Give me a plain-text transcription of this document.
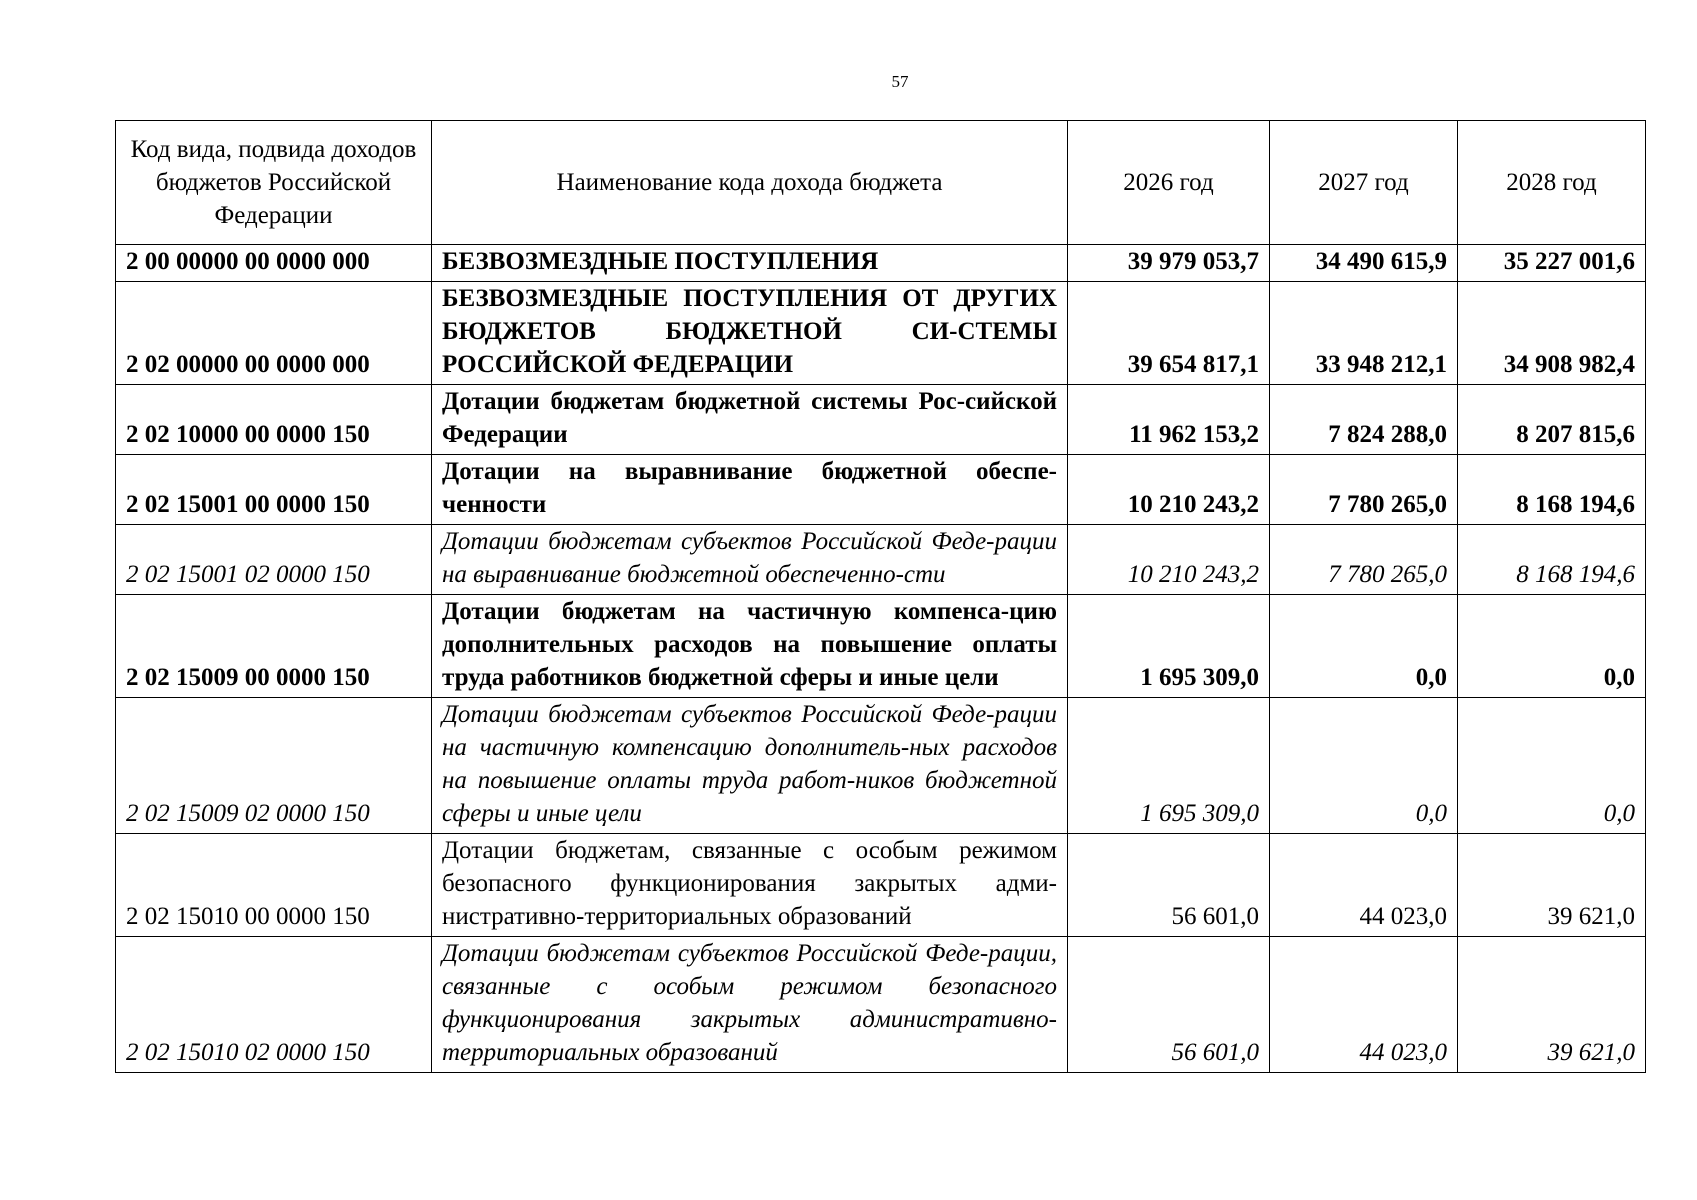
57
Код вида, подвида доходов бюджетов Российской Федерации	Наименование кода дохода бюджета	2026 год	2027 год	2028 год
2 00 00000 00 0000 000	БЕЗВОЗМЕЗДНЫЕ ПОСТУПЛЕНИЯ	39 979 053,7	34 490 615,9	35 227 001,6
2 02 00000 00 0000 000	БЕЗВОЗМЕЗДНЫЕ ПОСТУПЛЕНИЯ ОТ ДРУГИХ БЮДЖЕТОВ БЮДЖЕТНОЙ СИ-СТЕМЫ РОССИЙСКОЙ ФЕДЕРАЦИИ	39 654 817,1	33 948 212,1	34 908 982,4
2 02 10000 00 0000 150	Дотации бюджетам бюджетной системы Рос-сийской Федерации	11 962 153,2	7 824 288,0	8 207 815,6
2 02 15001 00 0000 150	Дотации на выравнивание бюджетной обеспе-ченности	10 210 243,2	7 780 265,0	8 168 194,6
2 02 15001 02 0000 150	Дотации бюджетам субъектов Российской Феде-рации на выравнивание бюджетной обеспеченно-сти	10 210 243,2	7 780 265,0	8 168 194,6
2 02 15009 00 0000 150	Дотации бюджетам на частичную компенса-цию дополнительных расходов на повышение оплаты труда работников бюджетной сферы и иные цели	1 695 309,0	0,0	0,0
2 02 15009 02 0000 150	Дотации бюджетам субъектов Российской Феде-рации на частичную компенсацию дополнитель-ных расходов на повышение оплаты труда работ-ников бюджетной сферы и иные цели	1 695 309,0	0,0	0,0
2 02 15010 00 0000 150	Дотации бюджетам, связанные с особым режимом безопасного функционирования закрытых адми-нистративно-территориальных образований	56 601,0	44 023,0	39 621,0
2 02 15010 02 0000 150	Дотации бюджетам субъектов Российской Феде-рации, связанные с особым режимом безопасного функционирования закрытых административно-территориальных образований	56 601,0	44 023,0	39 621,0
